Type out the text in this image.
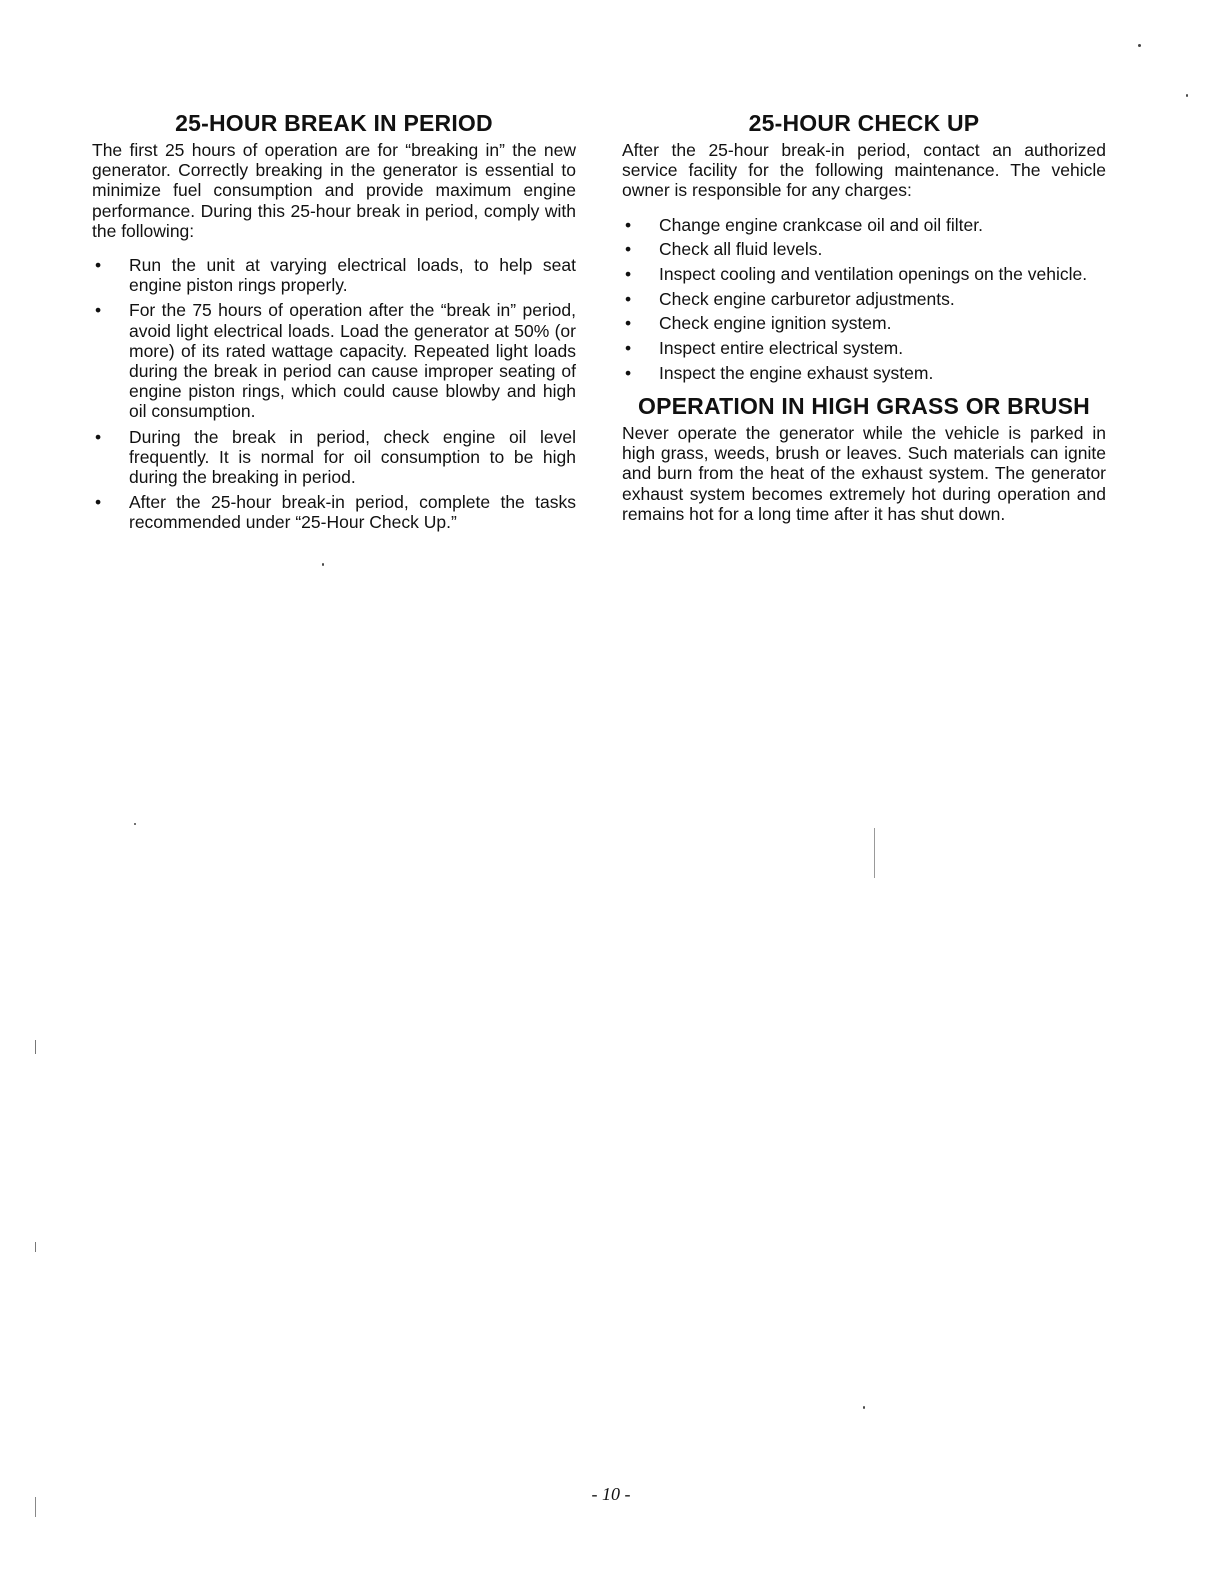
25-HOUR BREAK IN PERIOD

The first 25 hours of operation are for “breaking in” the new generator. Correctly breaking in the generator is essential to minimize fuel consumption and provide maximum engine performance. During this 25-hour break in period, comply with the following:

• Run the unit at varying electrical loads, to help seat engine piston rings properly.
• For the 75 hours of operation after the “break in” period, avoid light electrical loads. Load the generator at 50% (or more) of its rated wattage capacity. Repeated light loads during the break in period can cause improper seating of engine piston rings, which could cause blowby and high oil consumption.
• During the break in period, check engine oil level frequently. It is normal for oil consumption to be high during the breaking in period.
• After the 25-hour break-in period, complete the tasks recommended under “25-Hour Check Up.”
25-HOUR CHECK UP

After the 25-hour break-in period, contact an authorized service facility for the following maintenance. The vehicle owner is responsible for any charges:

• Change engine crankcase oil and oil filter.
• Check all fluid levels.
• Inspect cooling and ventilation openings on the vehicle.
• Check engine carburetor adjustments.
• Check engine ignition system.
• Inspect entire electrical system.
• Inspect the engine exhaust system.
OPERATION IN HIGH GRASS OR BRUSH

Never operate the generator while the vehicle is parked in high grass, weeds, brush or leaves. Such materials can ignite and burn from the heat of the exhaust system. The generator exhaust system becomes extremely hot during operation and remains hot for a long time after it has shut down.

- 10 -
